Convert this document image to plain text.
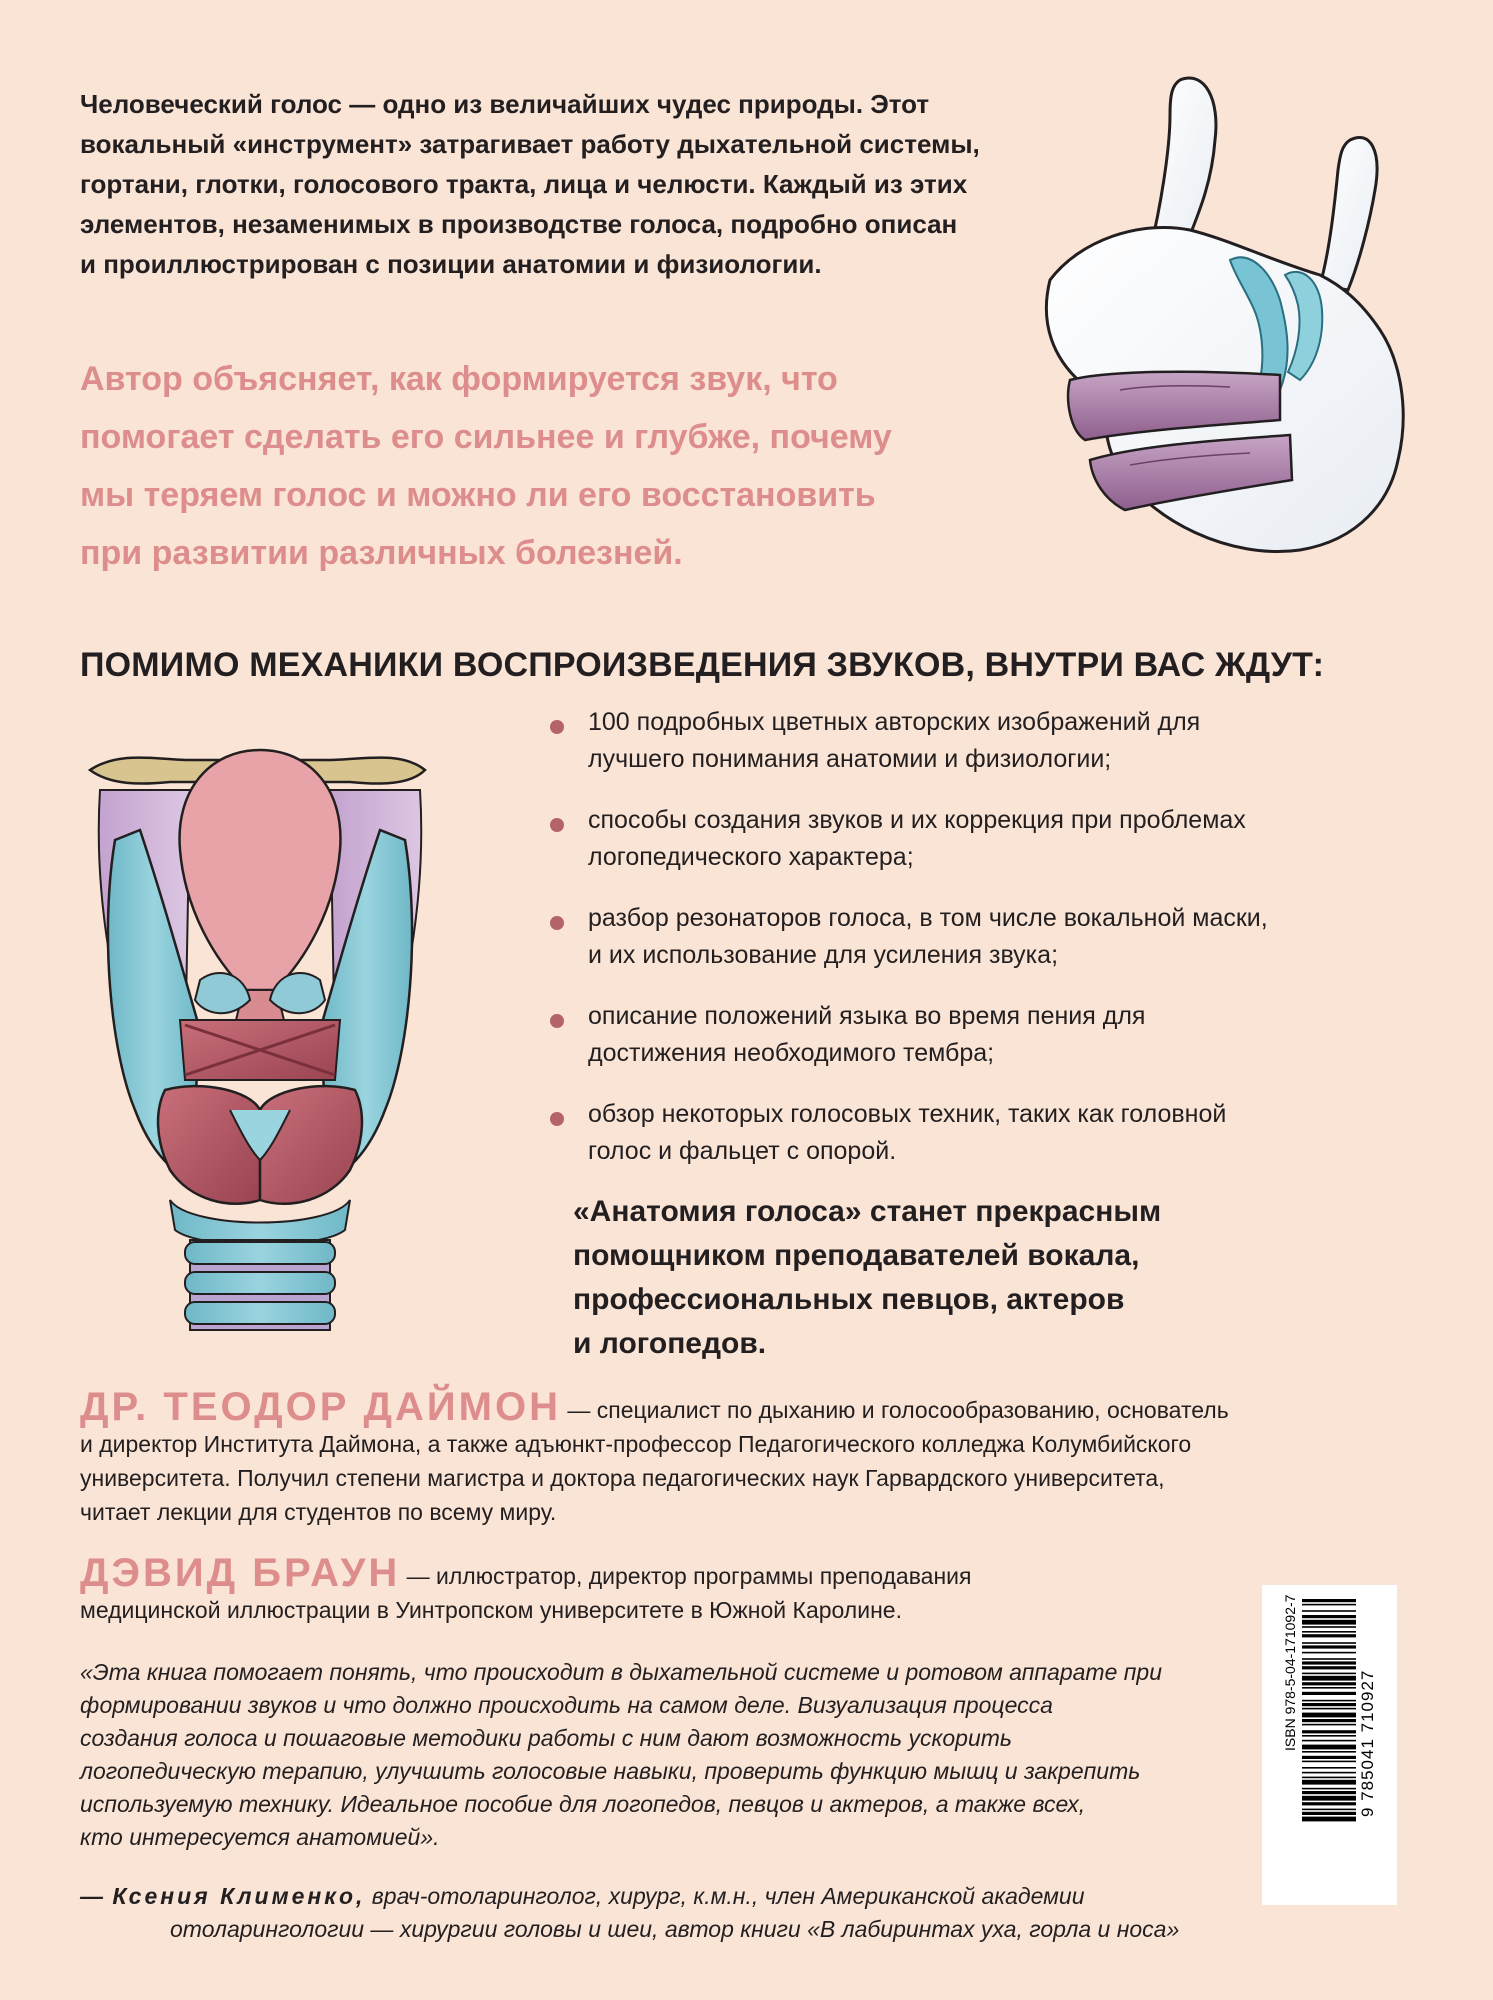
Человеческий голос — одно из величайших чудес природы. Этот
вокальный «инструмент» затрагивает работу дыхательной системы,
гортани, глотки, голосового тракта, лица и челюсти. Каждый из этих
элементов, незаменимых в производстве голоса, подробно описан
и проиллюстрирован с позиции анатомии и физиологии.
Автор объясняет, как формируется звук, что
помогает сделать его сильнее и глубже, почему
мы теряем голос и можно ли его восстановить
при развитии различных болезней.
ПОМИМО МЕХАНИКИ ВОСПРОИЗВЕДЕНИЯ ЗВУКОВ, ВНУТРИ ВАС ЖДУТ:
100 подробных цветных авторских изображений для
лучшего понимания анатомии и физиологии;
способы создания звуков и их коррекция при проблемах
логопедического характера;
разбор резонаторов голоса, в том числе вокальной маски,
и их использование для усиления звука;
описание положений языка во время пения для
достижения необходимого тембра;
обзор некоторых голосовых техник, таких как головной
голос и фальцет с опорой.
«Анатомия голоса» станет прекрасным
помощником преподавателей вокала,
профессиональных певцов, актеров
и логопедов.
ДР. ТЕОДОР ДАЙМОН — специалист по дыханию и голосообразованию, основатель
и директор Института Даймона, а также адъюнкт-профессор Педагогического колледжа Колумбийского
университета. Получил степени магистра и доктора педагогических наук Гарвардского университета,
читает лекции для студентов по всему миру.
ДЭВИД БРАУН — иллюстратор, директор программы преподавания
медицинской иллюстрации в Уинтропском университете в Южной Каролине.	ISBN 978-5-04-171092-7	9 785041 710927
«Эта книга помогает понять, что происходит в дыхательной системе и ротовом аппарате при
формировании звуков и что должно происходить на самом деле. Визуализация процесса
создания голоса и пошаговые методики работы с ним дают возможность ускорить
логопедическую терапию, улучшить голосовые навыки, проверить функцию мышц и закрепить
используемую технику. Идеальное пособие для логопедов, певцов и актеров, а также всех,
кто интересуется анатомией».
— Ксения Клименко, врач-отоларинголог, хирург, к.м.н., член Американской академии
отоларингологии — хирургии головы и шеи, автор книги «В лабиринтах уха, горла и носа»
